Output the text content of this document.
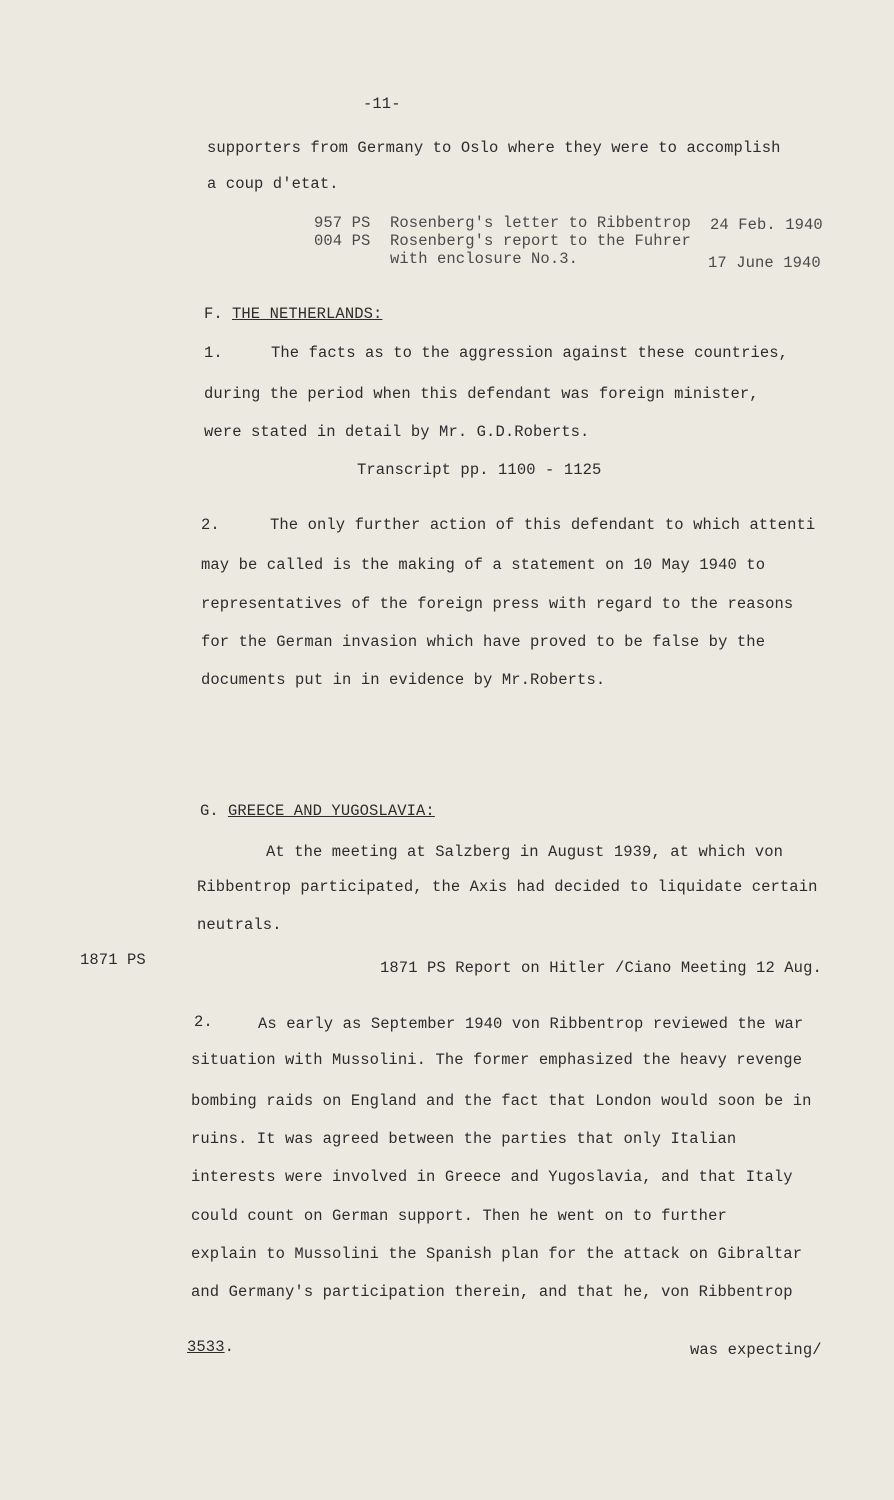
-11-
supporters from Germany to Oslo where they were to accomplish
a coup d'etat.
957 PS Rosenberg's letter to Ribbentrop 24 Feb. 1940
004 PS Rosenberg's report to the Fuhrer
with enclosure No.3.	17 June 1940
F. THE NETHERLANDS:
1.	The facts as to the aggression against these countries,
during the period when this defendant was foreign minister,
were stated in detail by Mr. G.D.Roberts.
Transcript pp. 1100 - 1125
2.	The only further action of this defendant to which attenti
may be called is the making of a statement on 10 May 1940 to
representatives of the foreign press with regard to the reasons
for the German invasion which have proved to be false by the
documents put in in evidence by Mr.Roberts.
G. GREECE AND YUGOSLAVIA:
At the meeting at Salzberg in August 1939, at which von
Ribbentrop participated, the Axis had decided to liquidate certain
neutrals.
1871 PS	1871 PS Report on Hitler /Ciano Meeting 12 Aug.
2.	As early as September 1940 von Ribbentrop reviewed the war
situation with Mussolini. The former emphasized the heavy revenge
bombing raids on England and the fact that London would soon be in
ruins. It was agreed between the parties that only Italian
interests were involved in Greece and Yugoslavia, and that Italy
could count on German support. Then he went on to further
explain to Mussolini the Spanish plan for the attack on Gibraltar
and Germany's participation therein, and that he, von Ribbentrop
3533.	was expecting/
